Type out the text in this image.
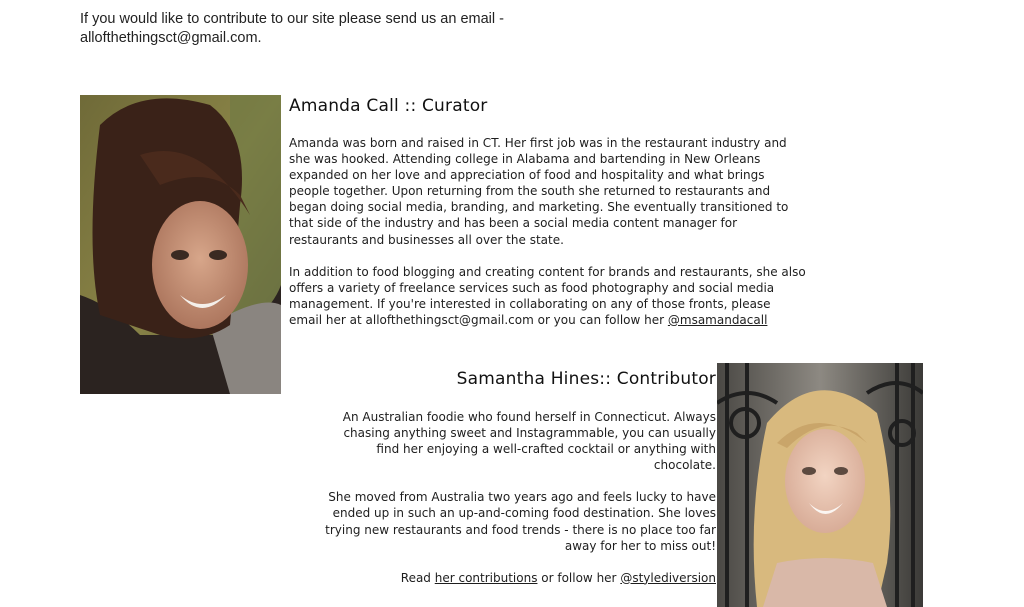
If you would like to contribute to our site please send us an email - allofthethingsct@gmail.com.
Amanda Call :: Curator

Amanda was born and raised in CT. Her first job was in the restaurant industry and she was hooked. Attending college in Alabama and bartending in New Orleans expanded on her love and appreciation of food and hospitality and what brings people together. Upon returning from the south she returned to restaurants and began doing social media, branding, and marketing. She eventually transitioned to that side of the industry and has been a social media content manager for restaurants and businesses all over the state.

In addition to food blogging and creating content for brands and restaurants, she also offers a variety of freelance services such as food photography and social media management. If you're interested in collaborating on any of those fronts, please email her at allofthethingsct@gmail.com or you can follow her @msamandacall

Samantha Hines:: Contributor

An Australian foodie who found herself in Connecticut. Always chasing anything sweet and Instagrammable, you can usually find her enjoying a well-crafted cocktail or anything with chocolate.

She moved from Australia two years ago and feels lucky to have ended up in such an up-and-coming food destination. She loves trying new restaurants and food trends - there is no place too far away for her to miss out!

Read her contributions or follow her @stylediversion
